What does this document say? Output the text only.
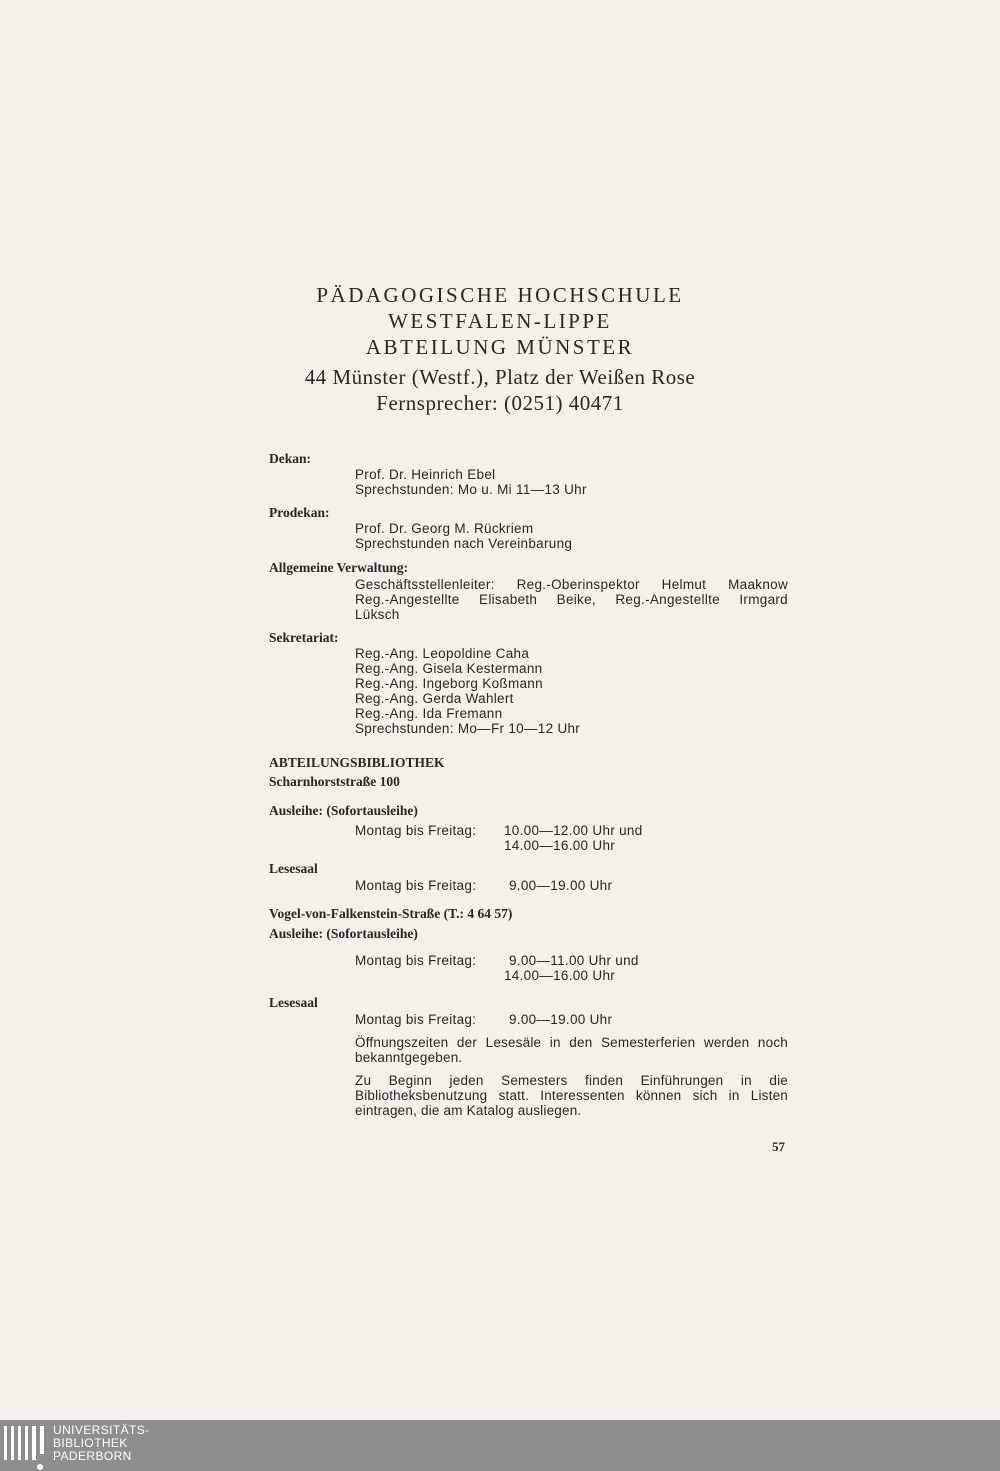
PÄDAGOGISCHE HOCHSCHULE
WESTFALEN-LIPPE
ABTEILUNG MÜNSTER
44 Münster (Westf.), Platz der Weißen Rose
Fernsprecher: (0251) 40471
Dekan:
Prof. Dr. Heinrich Ebel
Sprechstunden: Mo u. Mi 11—13 Uhr
Prodekan:
Prof. Dr. Georg M. Rückriem
Sprechstunden nach Vereinbarung
Allgemeine Verwaltung:
Geschäftsstellenleiter: Reg.-Oberinspektor Helmut Maaknow
Reg.-Angestellte Elisabeth Beike, Reg.-Angestellte Irmgard
Lüksch
Sekretariat:
Reg.-Ang. Leopoldine Caha
Reg.-Ang. Gisela Kestermann
Reg.-Ang. Ingeborg Koßmann
Reg.-Ang. Gerda Wahlert
Reg.-Ang. Ida Fremann
Sprechstunden: Mo—Fr 10—12 Uhr
ABTEILUNGSBIBLIOTHEK
Scharnhorststraße 100
Ausleihe: (Sofortausleihe)
Montag bis Freitag: 10.00—12.00 Uhr und
14.00—16.00 Uhr
Lesesaal
Montag bis Freitag: 9.00—19.00 Uhr
Vogel-von-Falkenstein-Straße (T.: 4 64 57)
Ausleihe: (Sofortausleihe)
Montag bis Freitag: 9.00—11.00 Uhr und
14.00—16.00 Uhr
Lesesaal
Montag bis Freitag: 9.00—19.00 Uhr
Öffnungszeiten der Lesesäle in den Semesterferien werden noch bekanntgegeben.
Zu Beginn jeden Semesters finden Einführungen in die Bibliotheksbenutzung statt. Interessenten können sich in Listen eintragen, die am Katalog ausliegen.
57
UNIVERSITÄTS-
BIBLIOTHEK
PADERBORN
